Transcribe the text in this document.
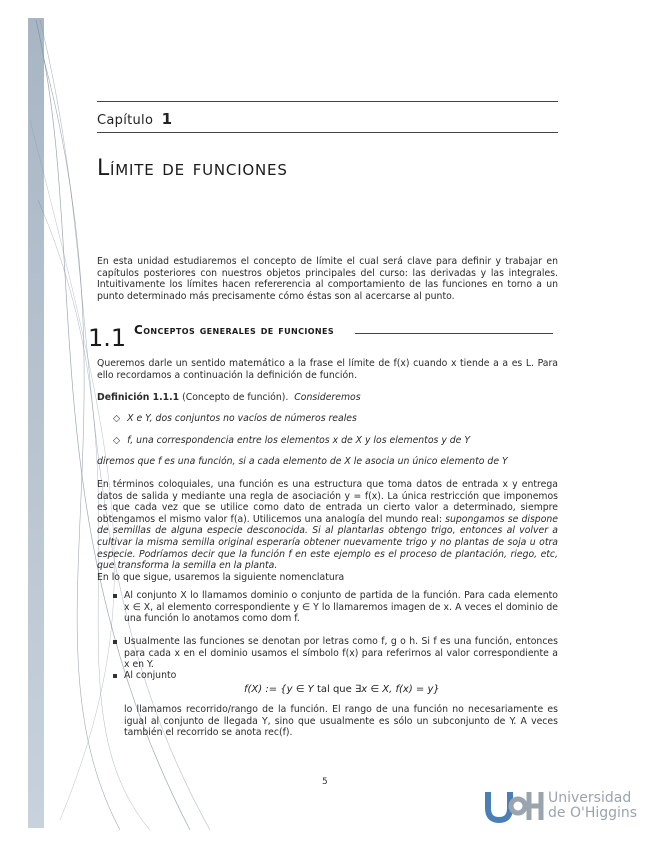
Capítulo 1
Límite de funciones

En esta unidad estudiaremos el concepto de límite el cual será clave para definir y trabajar en capítulos posteriores con nuestros objetos principales del curso: las derivadas y las integrales. Intuitivamente los límites hacen refererencia al comportamiento de las funciones en torno a un punto determinado más precisamente cómo éstas son al acercarse al punto.

1.1 Conceptos generales de funciones

Queremos darle un sentido matemático a la frase el límite de f(x) cuando x tiende a a es L. Para ello recordamos a continuación la definición de función.

Definición 1.1.1 (Concepto de función). Consideremos
◇ X e Y, dos conjuntos no vacíos de números reales
◇ f, una correspondencia entre los elementos x de X y los elementos y de Y
diremos que f es una función, si a cada elemento de X le asocia un único elemento de Y

En términos coloquiales, una función es una estructura que toma datos de entrada x y entrega datos de salida y mediante una regla de asociación y = f(x). La única restricción que imponemos es que cada vez que se utilice como dato de entrada un cierto valor a determinado, siempre obtengamos el mismo valor f(a). Utilicemos una analogía del mundo real: supongamos se dispone de semillas de alguna especie desconocida. Si al plantarlas obtengo trigo, entonces al volver a cultivar la misma semilla original esperaría obtener nuevamente trigo y no plantas de soja u otra especie. Podríamos decir que la función f en este ejemplo es el proceso de plantación, riego, etc, que transforma la semilla en la planta.
En lo que sigue, usaremos la siguiente nomenclatura

Al conjunto X lo llamamos dominio o conjunto de partida de la función. Para cada elemento x ∈ X, al elemento correspondiente y ∈ Y lo llamaremos imagen de x. A veces el dominio de una función lo anotamos como dom f.

Usualmente las funciones se denotan por letras como f, g o h. Si f es una función, entonces para cada x en el dominio usamos el símbolo f(x) para referirnos al valor correspondiente a x en Y.

Al conjunto

f(X) := {y ∈ Y tal que ∃x ∈ X, f(x) = y}

lo llamamos recorrido/rango de la función. El rango de una función no necesariamente es igual al conjunto de llegada Y, sino que usualmente es sólo un subconjunto de Y. A veces también el recorrido se anota rec(f).

5
Universidad
de O'Higgins
